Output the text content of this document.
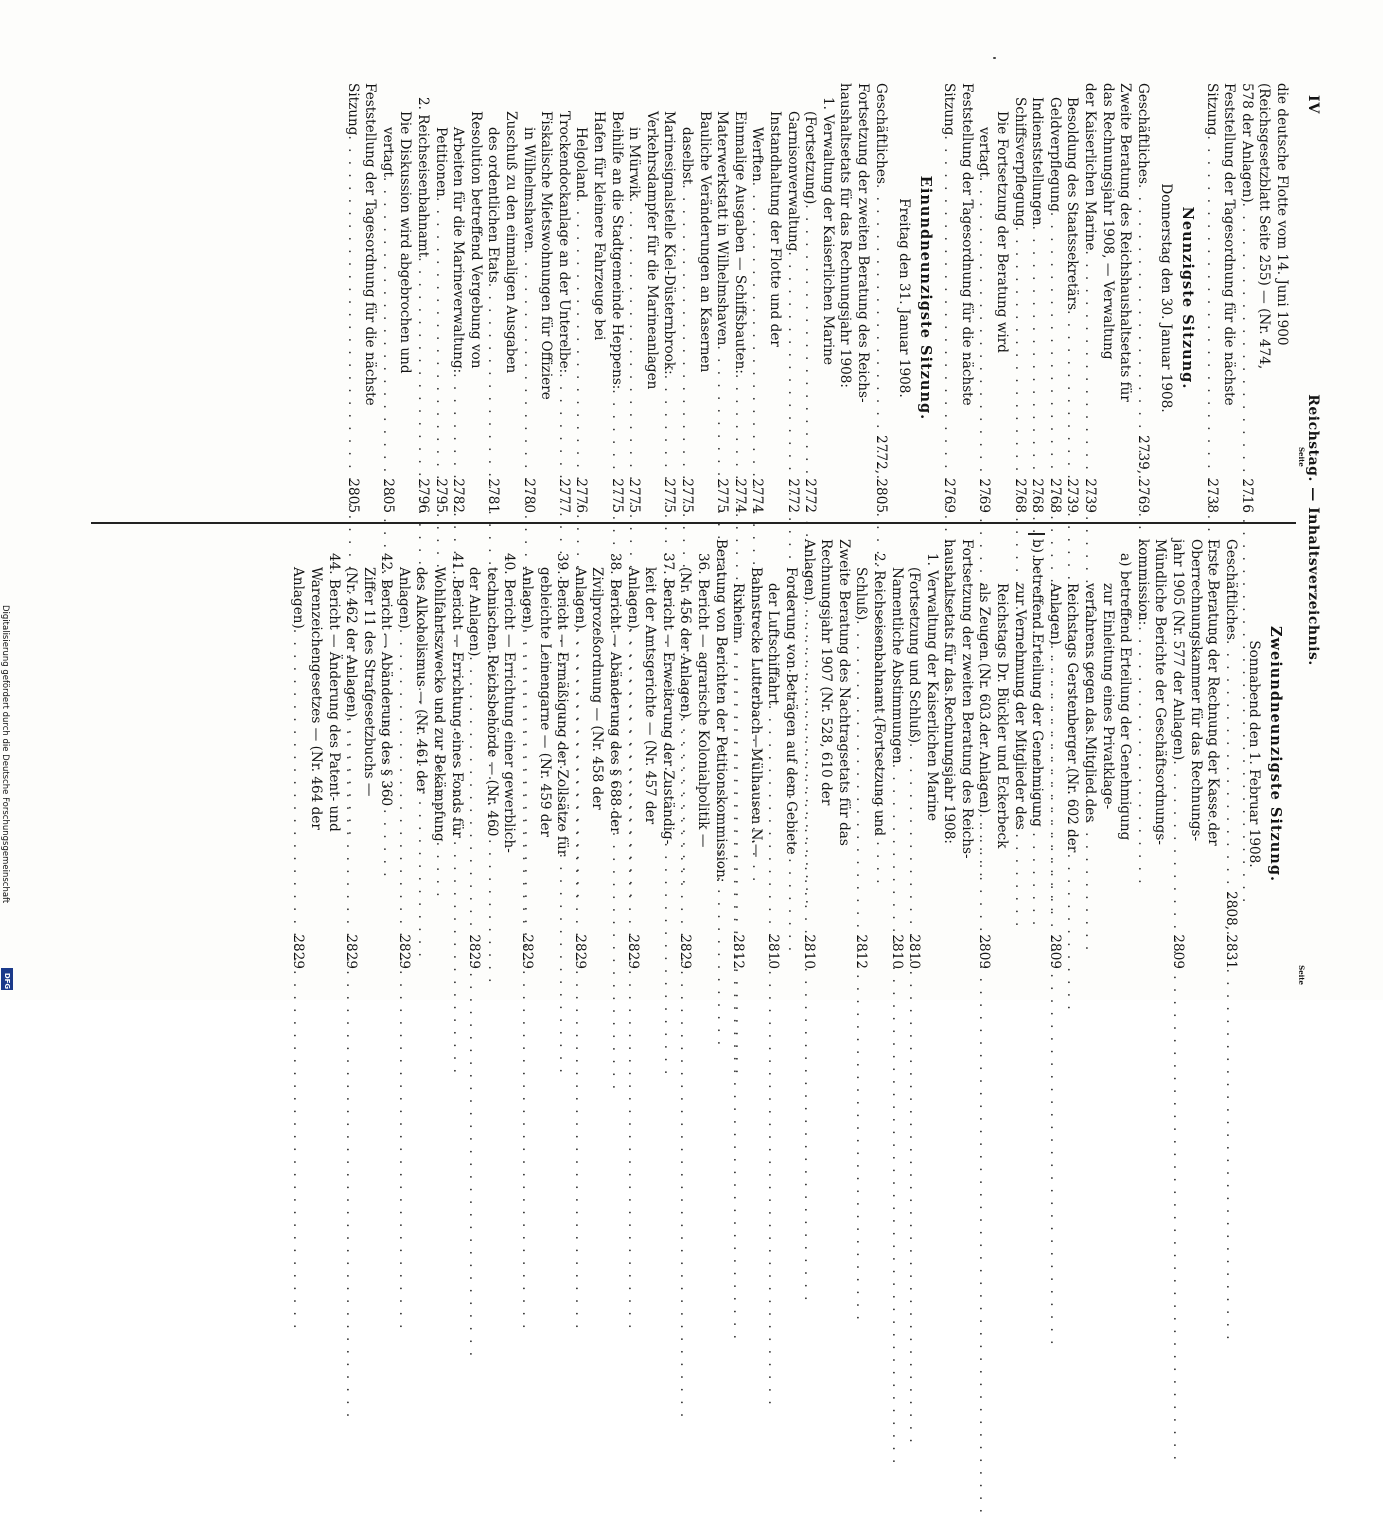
IV
Reichstag. — Inhaltsverzeichnis.
Seite
Seite
die deutsche Flotte vom 14. Juni 1900
(Reichsgesetzblatt Seite 255) — (Nr. 474,
578 der Anlagen)
. . .
2716
Feststellung der Tagesordnung für die nächste
Sitzung
. . .
2738
Neunzigste Sitzung.
Donnerstag den 30. Januar 1908.
Geschäftliches
. . .
2739, 2769
Zweite Beratung des Reichshaushaltsetats für
das Rechnungsjahr 1908, — Verwaltung
der Kaiserlichen Marine
. . .
2739
Besoldung des Staatssekretärs
. . .
2739
Geldverpflegung
. . .
2768
Indienststellungen
. . .
2768
Schiffsverpflegung
. . .
2768
Die Fortsetzung der Beratung wird
vertagt
. . .
2769
Feststellung der Tagesordnung für die nächste
Sitzung
. . .
2769
Einundneunzigste Sitzung.
Freitag den 31. Januar 1908.
Geschäftliches
. . .
2772, 2805
Fortsetzung der zweiten Beratung des Reichs-
haushaltsetats für das Rechnungsjahr 1908:
1. Verwaltung der Kaiserlichen Marine
(Fortsetzung)
. . .
2772
Garnisonverwaltung
. . .
2772
Instandhaltung der Flotte und der
Werften
. . .
2774
Einmalige Ausgaben — Schiffsbauten:
. . .
2774
Materwerkstatt in Wilhelmshaven
. . .
2775
Bauliche Veränderungen an Kasernen
daselbst
. . .
2775
Marinesignalstelle Kiel-Düsternbrook:
. . .
2775
Verkehrsdampfer für die Marineanlagen
in Mürwik
. . .
2775
Beihilfe an die Stadtgemeinde Heppens:
. . .
2775
Hafen für kleinere Fahrzeuge bei
Helgoland
. . .
2776
Trockendockanlage an der Unterelbe:
. . .
2777
Fiskalische Mietswohnungen für Offiziere
in Wilhelmshaven
. . .
2780
Zuschuß zu den einmaligen Ausgaben
des ordentlichen Etats
. . .
2781
Resolution betreffend Vergebung von
Arbeiten für die Marineverwaltung:
. . .
2782
Petitionen
. . .
2795
2. Reichseisenbahnamt
. . .
2796
Die Diskussion wird abgebrochen und
vertagt
. . .
2805
Feststellung der Tagesordnung für die nächste
Sitzung
. . .
2805
Zweiundneunzigste Sitzung.
Sonnabend den 1. Februar 1908.
Geschäftliches
. . .
2808, 2831
Erste Beratung der Rechnung der Kasse der
Oberrechnungskammer für das Rechnungs-
jahr 1905 (Nr. 577 der Anlagen)
. . .
2809
Mündliche Berichte der Geschäftsordnungs-
kommission:
a) betreffend Erteilung der Genehmigung
zur Einleitung eines Privatklage-
verfahrens gegen das Mitglied des
Reichstags Gerstenberger (Nr. 602 der
Anlagen)
. . .
2809
b) betreffend Erteilung der Genehmigung
zur Vernehmung der Mitglieder des
Reichstags Dr. Bückler und Eckerbeck
als Zeugen (Nr. 603 der Anlagen)
. . .
2809
Fortsetzung der zweiten Beratung des Reichs-
haushaltsetats für das Rechnungsjahr 1908:
1. Verwaltung der Kaiserlichen Marine
(Fortsetzung und Schluß)
. . .
2810
Namentliche Abstimmungen
. . .
2810
2. Reichseisenbahnamt (Fortsetzung und
Schluß)
. . .
2812
Zweite Beratung des Nachtragsetats für das
Rechnungsjahr 1907 (Nr. 528, 610 der
Anlagen)
. . .
2810
Forderung von Beträgen auf dem Gebiete
der Luftschiffahrt
. . .
2810
Bahnstrecke Lutterbach—Mülhausen N.—
Rixheim
. . .
2812
Beratung von Berichten der Petitionskommission:
36. Bericht — agrarische Kolonialpolitik —
(Nr. 456 der Anlagen)
. . .
2829
37. Bericht — Erweiterung der Zuständig-
keit der Amtsgerichte — (Nr. 457 der
Anlagen)
. . .
2829
38. Bericht — Abänderung des § 688 der
Zivilprozeßordnung — (Nr. 458 der
Anlagen)
. . .
2829
39. Bericht — Ermäßigung der Zollsätze für
gebleichte Leinengarne — (Nr. 459 der
Anlagen)
. . .
2829
40. Bericht — Errichtung einer gewerblich-
technischen Reichsbehörde — (Nr. 460
der Anlagen)
. . .
2829
41. Bericht — Errichtung eines Fonds für
Wohlfahrtszwecke und zur Bekämpfung
des Alkoholismus — (Nr. 461 der
Anlagen)
. . .
2829
42. Bericht — Abänderung des § 360
Ziffer 11 des Strafgesetzbuchs —
(Nr. 462 der Anlagen)
. . .
2829
44. Bericht — Änderung des Patent- und
Warenzeichengesetzes — (Nr. 464 der
Anlagen)
. . .
2829
Digitalisierung gefördert durch die Deutsche Forschungsgemeinschaft
DFG
